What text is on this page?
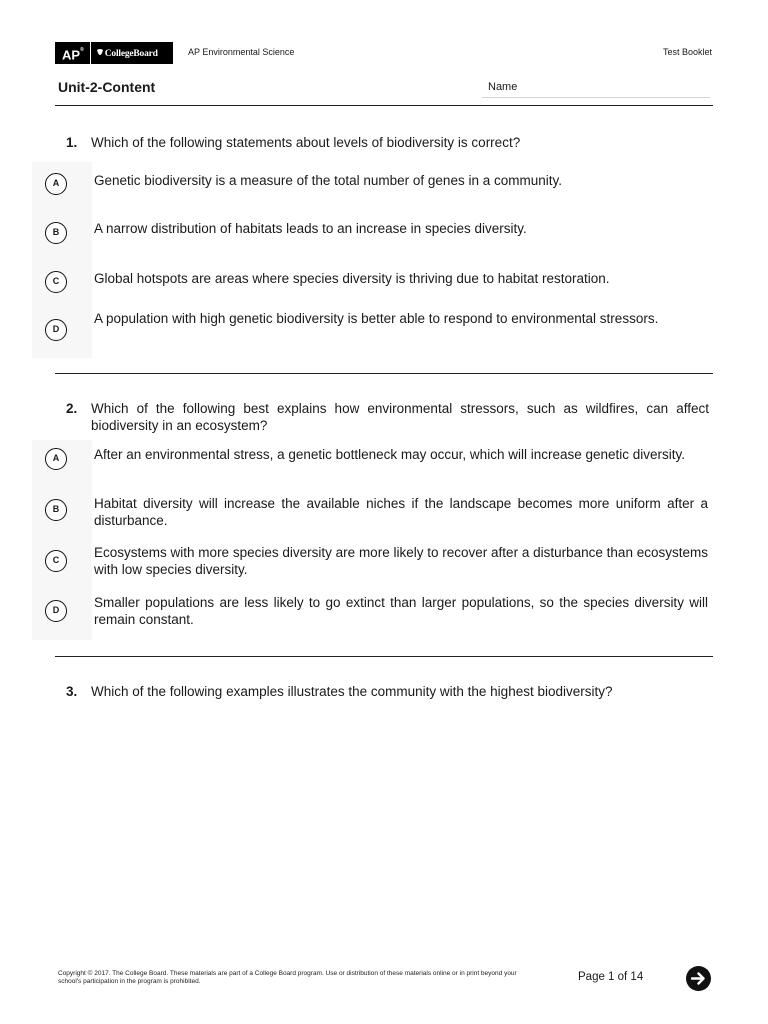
AP®	CollegeBoard	AP Environmental Science	Test Booklet
Unit-2-Content	Name
1. Which of the following statements about levels of biodiversity is correct?
A	Genetic biodiversity is a measure of the total number of genes in a community.
B	A narrow distribution of habitats leads to an increase in species diversity.
C	Global hotspots are areas where species diversity is thriving due to habitat restoration.
D
A population with high genetic biodiversity is better able to respond to environmental stressors.
2. Which of the following best explains how environmental stressors, such as wildfires, can affect biodiversity in an ecosystem?
A	After an environmental stress, a genetic bottleneck may occur, which will increase genetic diversity.
B	Habitat diversity will increase the available niches if the landscape becomes more uniform after a disturbance.
C	Ecosystems with more species diversity are more likely to recover after a disturbance than ecosystems with low species diversity.
D	Smaller populations are less likely to go extinct than larger populations, so the species diversity will remain constant.
3. Which of the following examples illustrates the community with the highest biodiversity?
Copyright © 2017. The College Board. These materials are part of a College Board program. Use or distribution of these materials online or in print beyond your school's participation in the program is prohibited.	Page 1 of 14
